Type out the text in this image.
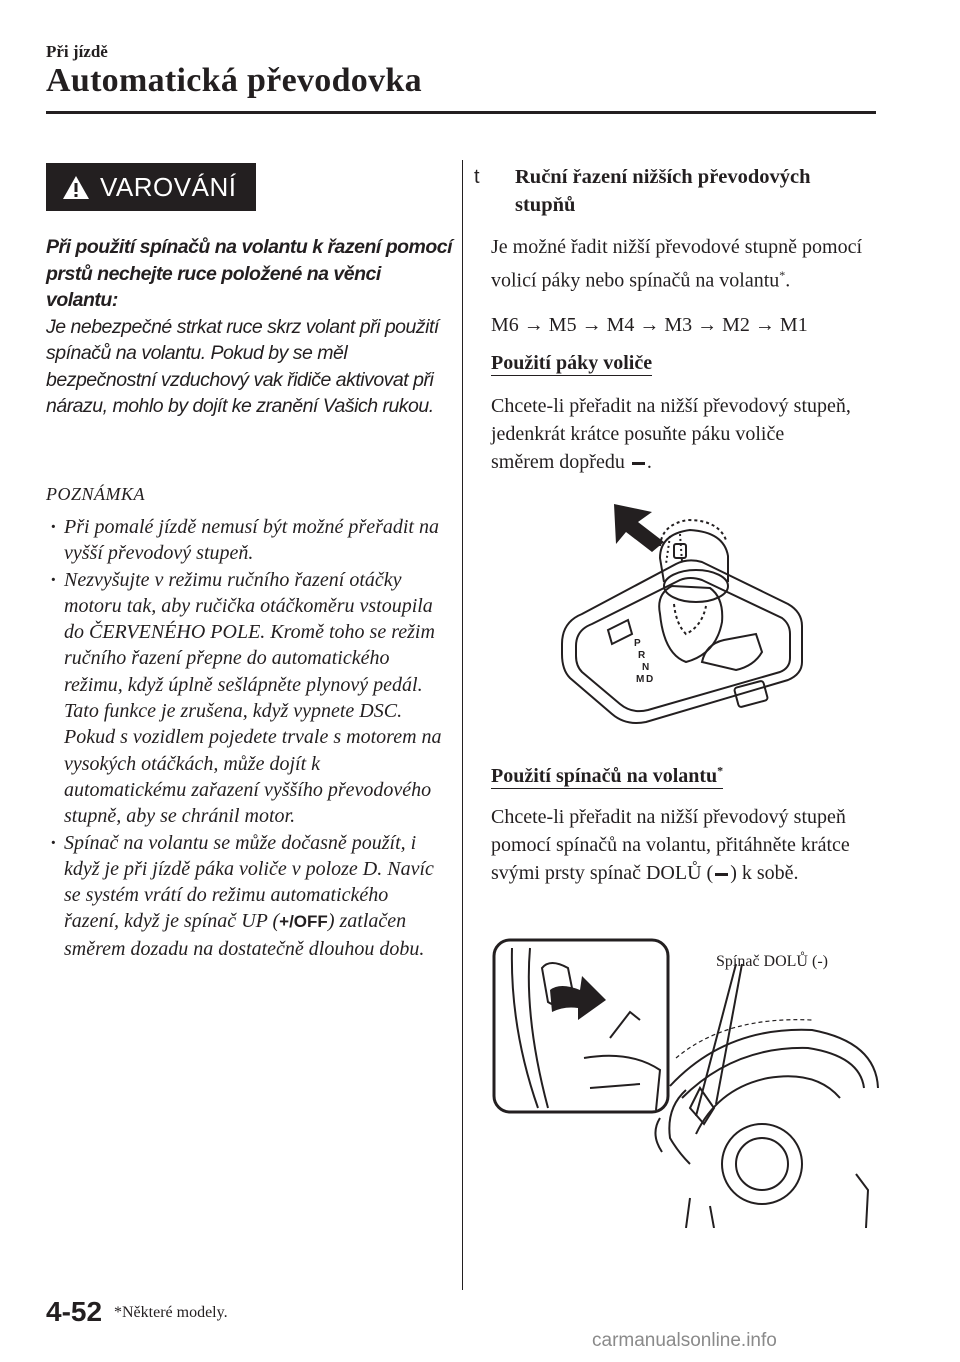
Při jízdě
Automatická převodovka
VAROVÁNÍ
Při použití spínačů na volantu k řazení pomocí prstů nechejte ruce položené na věnci volantu:
Je nebezpečné strkat ruce skrz volant při použití spínačů na volantu. Pokud by se měl bezpečnostní vzduchový vak řidiče aktivovat při nárazu, mohlo by dojít ke zranění Vašich rukou.
POZNÁMKA
· Při pomalé jízdě nemusí být možné přeřadit na vyšší převodový stupeň.
· Nezvyšujte v režimu ručního řazení otáčky motoru tak, aby ručička otáčkoměru vstoupila do ČERVENÉHO POLE. Kromě toho se režim ručního řazení přepne do automatického režimu, když úplně sešlápněte plynový pedál. Tato funkce je zrušena, když vypnete DSC. Pokud s vozidlem pojedete trvale s motorem na vysokých otáčkách, může dojít k automatickému zařazení vyššího převodového stupně, aby se chránil motor.
· Spínač na volantu se může dočasně použít, i když je při jízdě páka voliče v poloze D. Navíc se systém vrátí do režimu automatického řazení, když je spínač UP (+/OFF) zatlačen směrem dozadu na dostatečně dlouhou dobu.
t Ruční řazení nižších převodových stupňů
Je možné řadit nižší převodové stupně pomocí volicí páky nebo spínačů na volantu*.
M6 → M5 → M4 → M3 → M2 → M1
Použití páky voliče
Chcete-li přeřadit na nižší převodový stupeň, jedenkrát krátce posuňte páku voliče směrem dopředu .
P
R
N
D
M
Použití spínačů na volantu*
Chcete-li přeřadit na nižší převodový stupeň pomocí spínačů na volantu, přitáhněte krátce svými prsty spínač DOLŮ ( ) k sobě.
Spínač DOLŮ (-)
4-52 *Některé modely.
carmanualsonline.info
